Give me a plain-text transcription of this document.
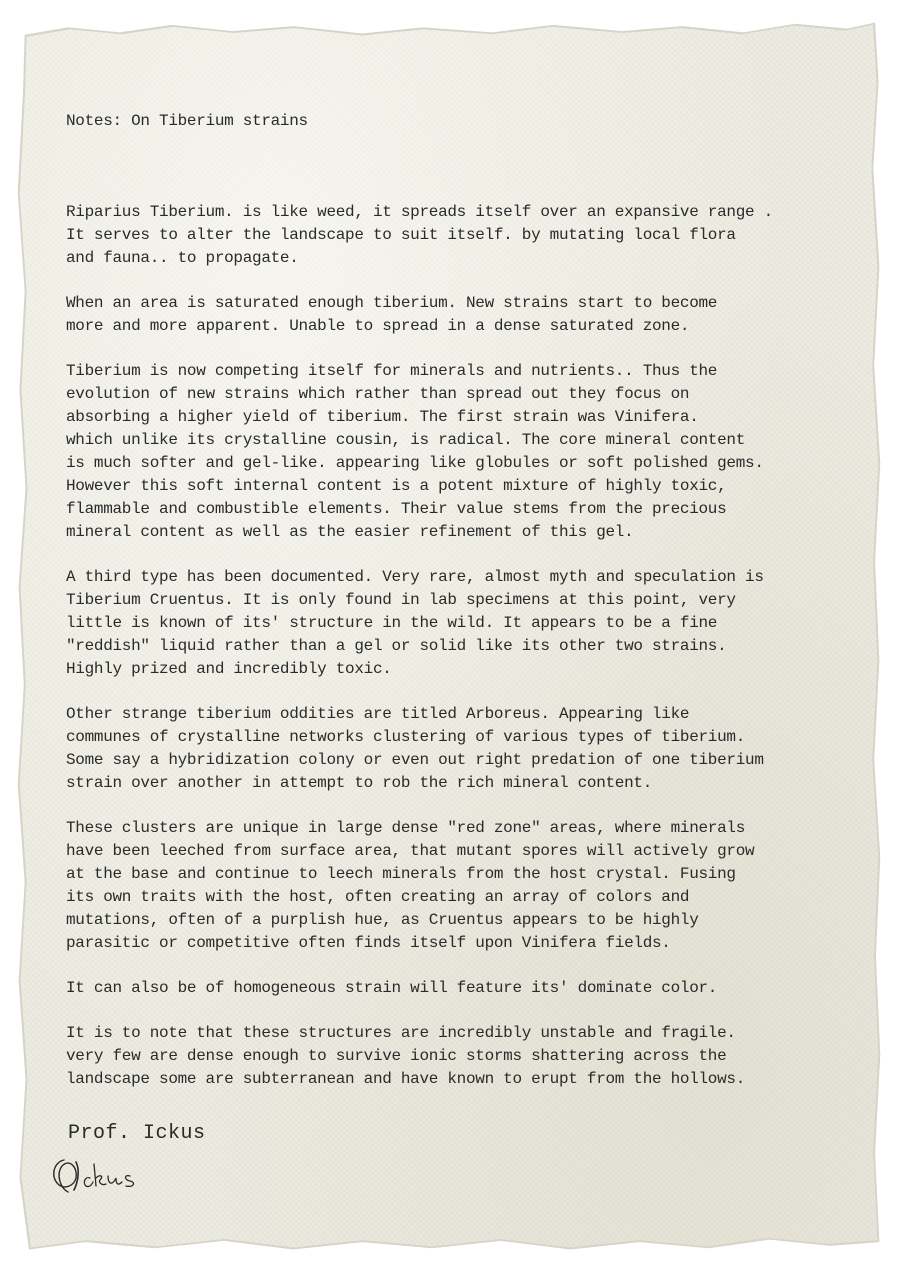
Notes: On Tiberium strains
Riparius Tiberium. is like weed, it spreads itself over an expansive range .
It serves to alter the landscape to suit itself. by mutating local flora
and fauna.. to propagate.
When an area is saturated enough tiberium. New strains start to become
more and more apparent. Unable to spread in a dense saturated zone.
Tiberium is now competing itself for minerals and nutrients.. Thus the
evolution of new strains which rather than spread out they focus on
absorbing a higher yield of tiberium. The first strain was Vinifera.
which unlike its crystalline cousin, is radical. The core mineral content
is much softer and gel-like. appearing like globules or soft polished gems.
However this soft internal content is a potent mixture of highly toxic,
flammable and combustible elements. Their value stems from the precious
mineral content as well as the easier refinement of this gel.
A third type has been documented. Very rare, almost myth and speculation is
Tiberium Cruentus. It is only found in lab specimens at this point, very
little is known of its' structure in the wild. It appears to be a fine
"reddish" liquid rather than a gel or solid like its other two strains.
Highly prized and incredibly toxic.
Other strange tiberium oddities are titled Arboreus. Appearing like
communes of crystalline networks clustering of various types of tiberium.
Some say a hybridization colony or even out right predation of one tiberium
strain over another in attempt to rob the rich mineral content.
These clusters are unique in large dense "red zone" areas, where minerals
have been leeched from surface area, that mutant spores will actively grow
at the base and continue to leech minerals from the host crystal. Fusing
its own traits with the host, often creating an array of colors and
mutations, often of a purplish hue, as Cruentus appears to be highly
parasitic or competitive often finds itself upon Vinifera fields.
It can also be of homogeneous strain will feature its' dominate color.
It is to note that these structures are incredibly unstable and fragile.
very few are dense enough to survive ionic storms shattering across the
landscape some are subterranean and have known to erupt from the hollows.
Prof. Ickus
